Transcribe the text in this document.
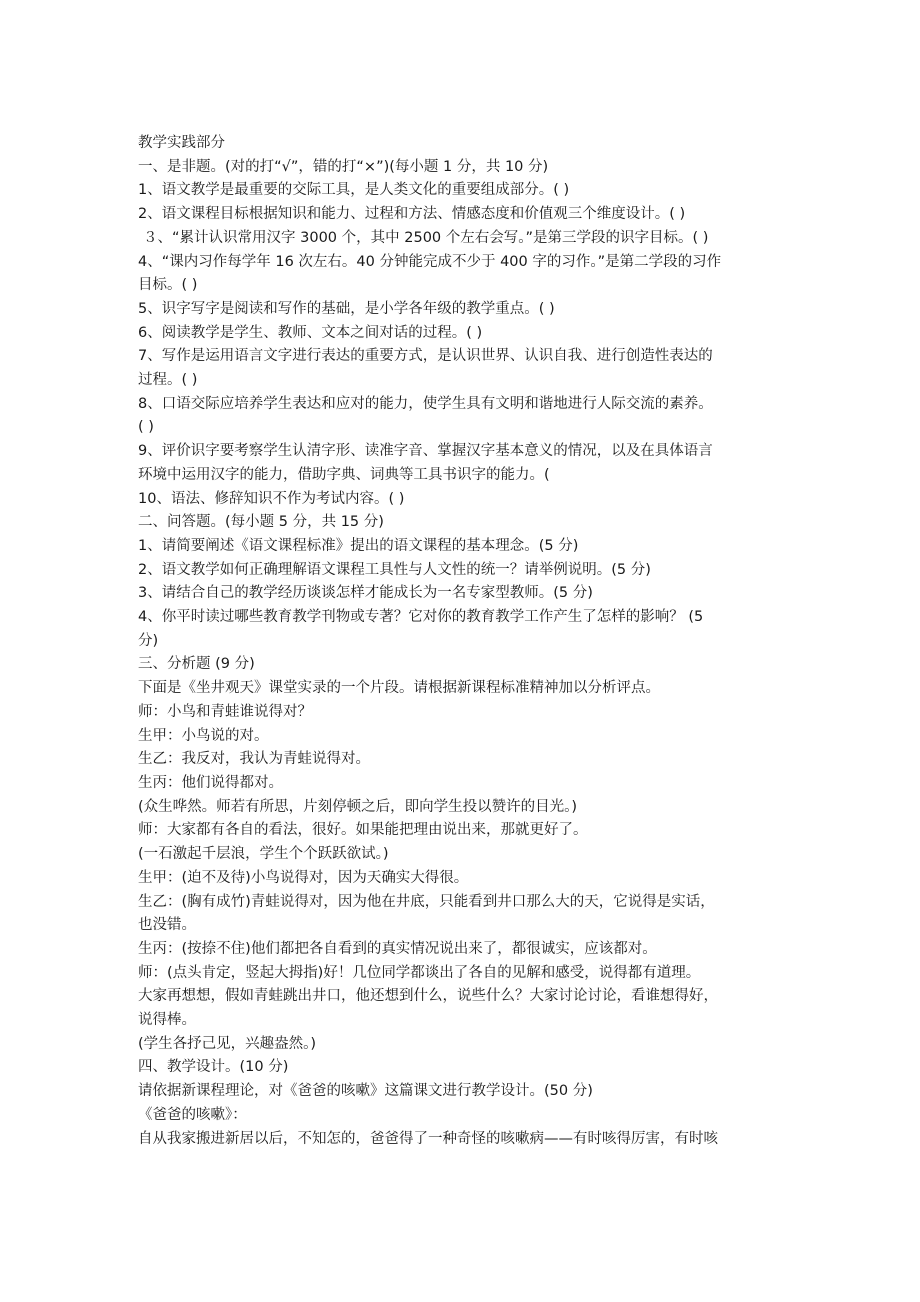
教学实践部分

一、是非题。(对的打“√”，错的打“×”)(每小题 1 分，共 10 分)

1、语文教学是最重要的交际工具，是人类文化的重要组成部分。( )

2、语文课程目标根据知识和能力、过程和方法、情感态度和价值观三个维度设计。( )

３、“累计认识常用汉字 3000 个，其中 2500 个左右会写。”是第三学段的识字目标。( )

4、“课内习作每学年 16 次左右。40 分钟能完成不少于 400 字的习作。”是第二学段的习作

目标。( )

5、识字写字是阅读和写作的基础，是小学各年级的教学重点。( )

6、阅读教学是学生、教师、文本之间对话的过程。( )

7、写作是运用语言文字进行表达的重要方式，是认识世界、认识自我、进行创造性表达的

过程。( )

8、口语交际应培养学生表达和应对的能力，使学生具有文明和谐地进行人际交流的素养。

( )

9、评价识字要考察学生认清字形、读准字音、掌握汉字基本意义的情况，以及在具体语言

环境中运用汉字的能力，借助字典、词典等工具书识字的能力。(

10、语法、修辞知识不作为考试内容。( )

二、问答题。(每小题 5 分，共 15 分)

1、请简要阐述《语文课程标准》提出的语文课程的基本理念。(5 分)

2、语文教学如何正确理解语文课程工具性与人文性的统一？请举例说明。(5 分)

3、请结合自己的教学经历谈谈怎样才能成长为一名专家型教师。(5 分)

4、你平时读过哪些教育教学刊物或专著？它对你的教育教学工作产生了怎样的影响？ (5

分)

三、分析题 (9 分)

下面是《坐井观天》课堂实录的一个片段。请根据新课程标准精神加以分析评点。

师：小鸟和青蛙谁说得对？

生甲：小鸟说的对。

生乙：我反对，我认为青蛙说得对。

生丙：他们说得都对。

(众生哗然。师若有所思，片刻停顿之后，即向学生投以赞许的目光。)

师：大家都有各自的看法，很好。如果能把理由说出来，那就更好了。

(一石激起千层浪，学生个个跃跃欲试。)

生甲：(迫不及待)小鸟说得对，因为天确实大得很。

生乙：(胸有成竹)青蛙说得对，因为他在井底，只能看到井口那么大的天，它说得是实话，

也没错。

生丙：(按捺不住)他们都把各自看到的真实情况说出来了，都很诚实，应该都对。

师：(点头肯定，竖起大拇指)好！几位同学都谈出了各自的见解和感受，说得都有道理。

大家再想想，假如青蛙跳出井口，他还想到什么，说些什么？大家讨论讨论，看谁想得好，

说得棒。

(学生各抒己见，兴趣盎然。)

四、教学设计。(10 分)

请依据新课程理论，对《爸爸的咳嗽》这篇课文进行教学设计。(50 分)

《爸爸的咳嗽》：

自从我家搬进新居以后，不知怎的，爸爸得了一种奇怪的咳嗽病——有时咳得厉害，有时咳
